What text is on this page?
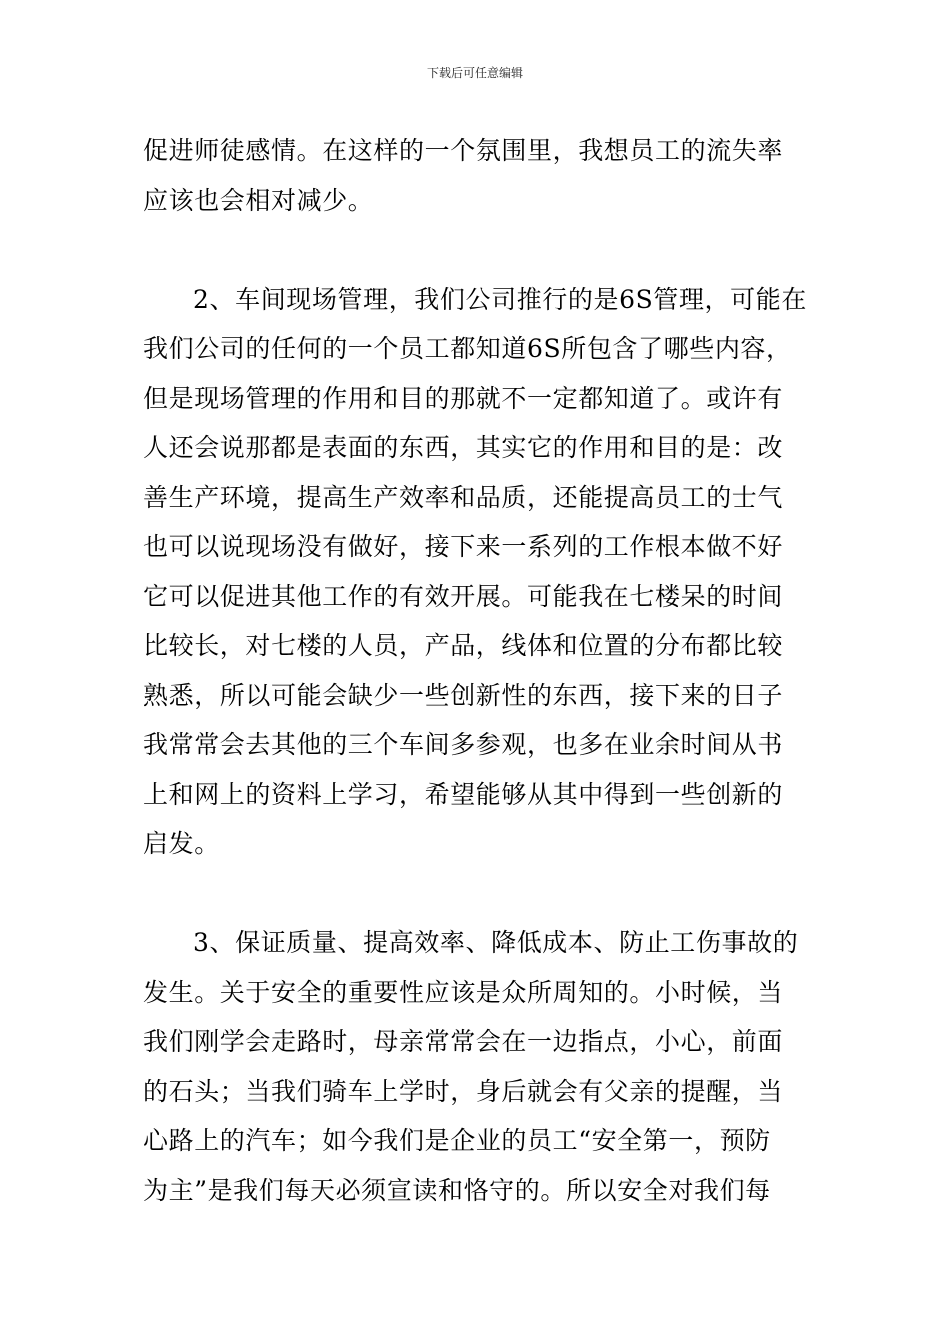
下载后可任意编辑

促进师徒感情。在这样的一个氛围里，我想员工的流失率
应该也会相对减少。

2、车间现场管理，我们公司推行的是6S管理，可能在
我们公司的任何的一个员工都知道6S所包含了哪些内容，
但是现场管理的作用和目的那就不一定都知道了。或许有
人还会说那都是表面的东西，其实它的作用和目的是：改
善生产环境，提高生产效率和品质，还能提高员工的士气
也可以说现场没有做好，接下来一系列的工作根本做不好
它可以促进其他工作的有效开展。可能我在七楼呆的时间
比较长，对七楼的人员，产品，线体和位置的分布都比较
熟悉，所以可能会缺少一些创新性的东西，接下来的日子
我常常会去其他的三个车间多参观，也多在业余时间从书
上和网上的资料上学习，希望能够从其中得到一些创新的
启发。

3、保证质量、提高效率、降低成本、防止工伤事故的
发生。关于安全的重要性应该是众所周知的。小时候，当
我们刚学会走路时，母亲常常会在一边指点，小心，前面
的石头；当我们骑车上学时，身后就会有父亲的提醒，当
心路上的汽车；如今我们是企业的员工“安全第一，预防
为主”是我们每天必须宣读和恪守的。所以安全对我们每
